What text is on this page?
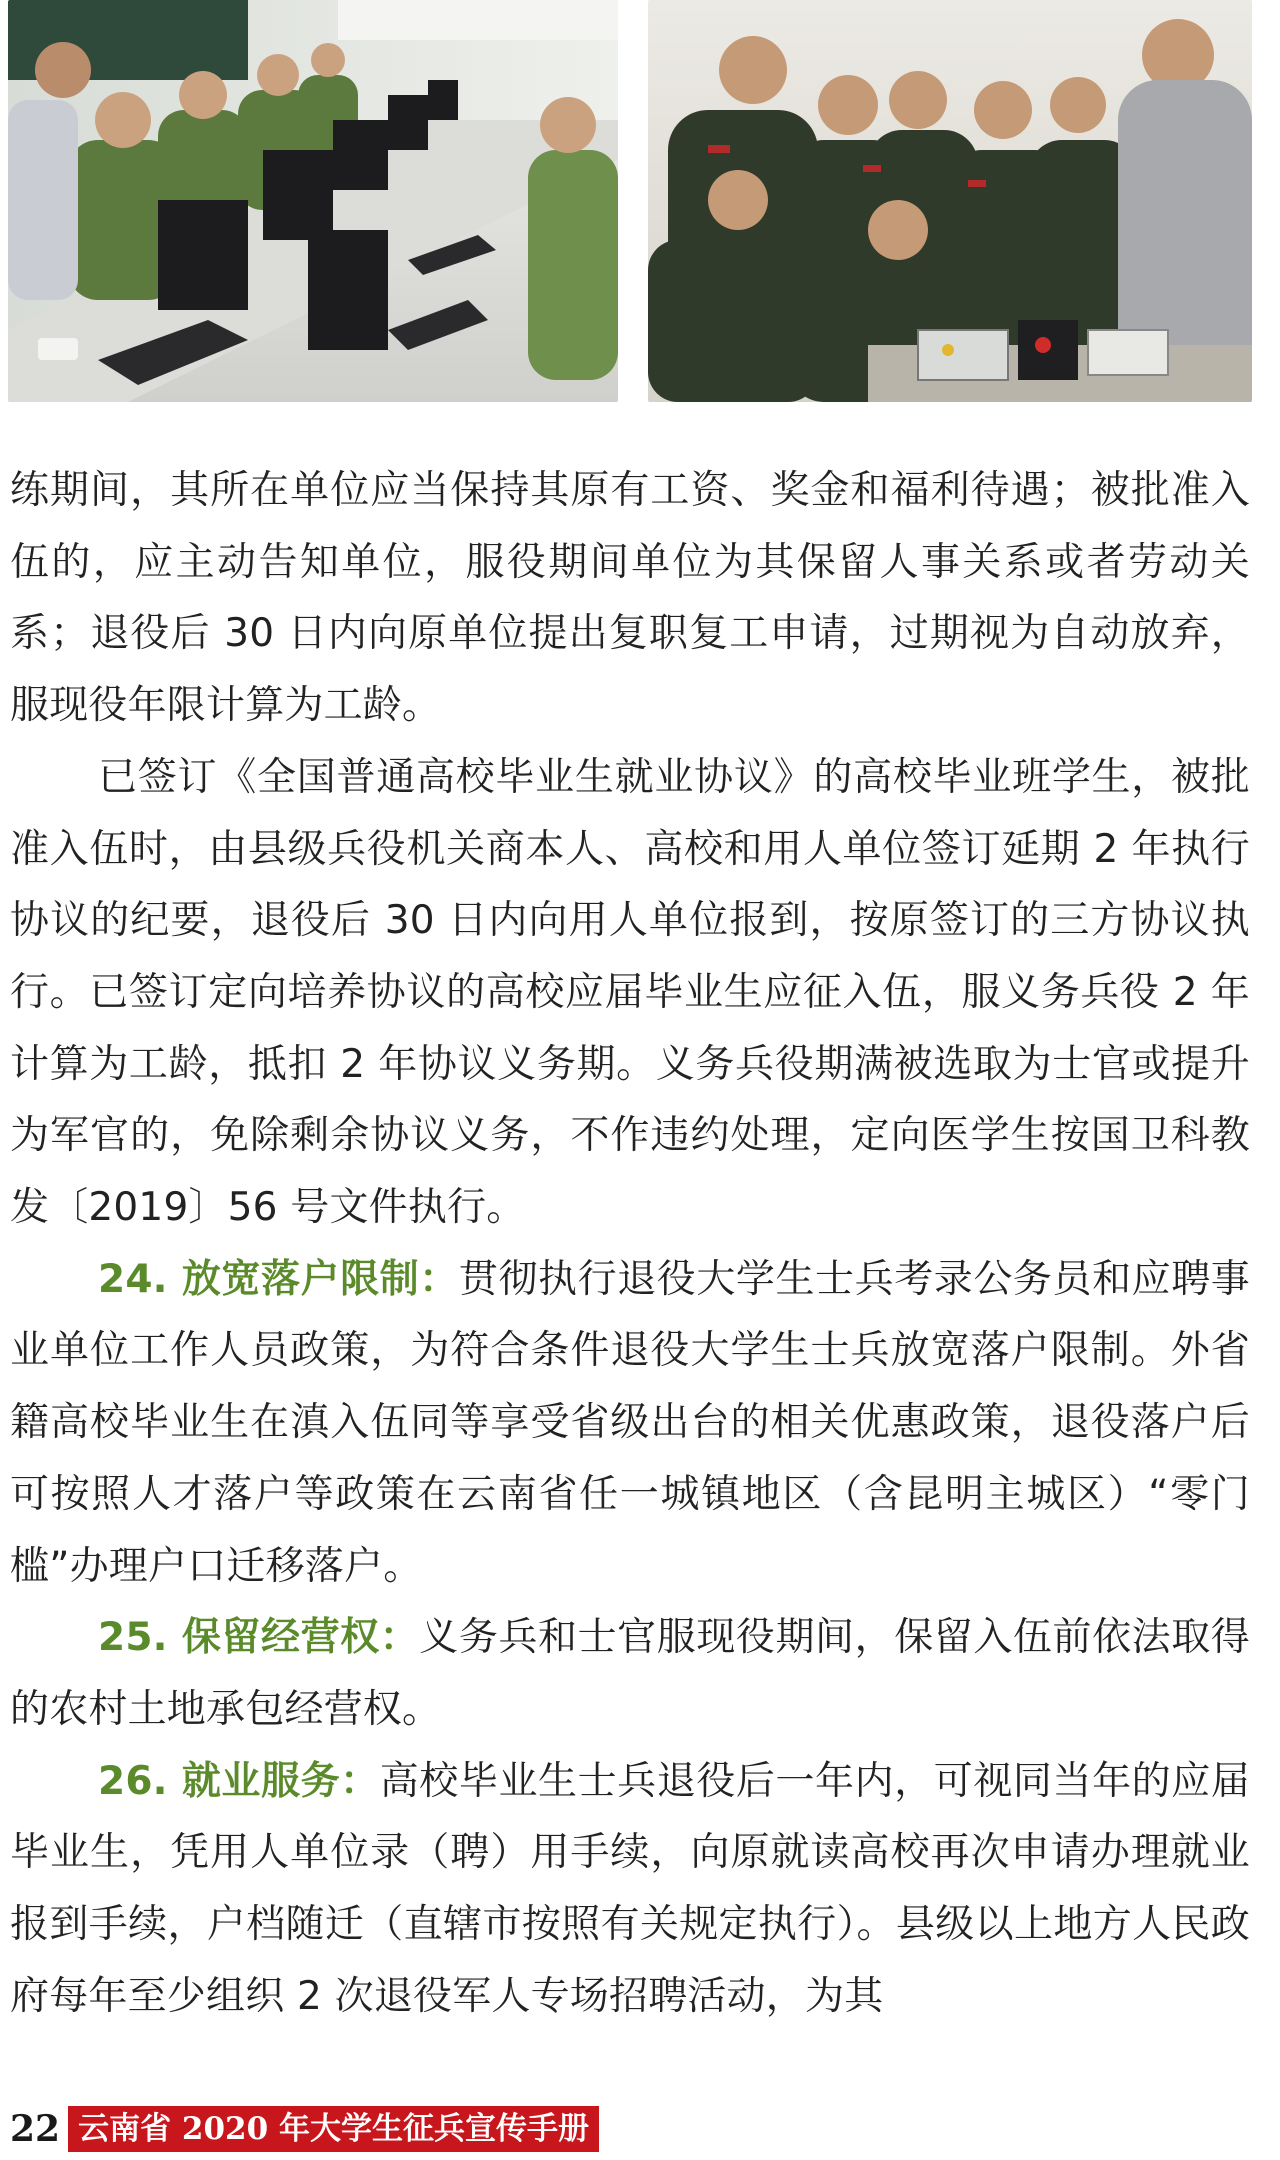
练期间，其所在单位应当保持其原有工资、奖金和福利待遇；被批准入伍的，应主动告知单位，服役期间单位为其保留人事关系或者劳动关系；退役后 30 日内向原单位提出复职复工申请，过期视为自动放弃，服现役年限计算为工龄。

已签订《全国普通高校毕业生就业协议》的高校毕业班学生，被批准入伍时，由县级兵役机关商本人、高校和用人单位签订延期 2 年执行协议的纪要，退役后 30 日内向用人单位报到，按原签订的三方协议执行。已签订定向培养协议的高校应届毕业生应征入伍，服义务兵役 2 年计算为工龄，抵扣 2 年协议义务期。义务兵役期满被选取为士官或提升为军官的，免除剩余协议义务，不作违约处理，定向医学生按国卫科教发〔2019〕56 号文件执行。

24. 放宽落户限制：贯彻执行退役大学生士兵考录公务员和应聘事业单位工作人员政策，为符合条件退役大学生士兵放宽落户限制。外省籍高校毕业生在滇入伍同等享受省级出台的相关优惠政策，退役落户后可按照人才落户等政策在云南省任一城镇地区（含昆明主城区）“零门槛”办理户口迁移落户。

25. 保留经营权：义务兵和士官服现役期间，保留入伍前依法取得的农村土地承包经营权。

26. 就业服务：高校毕业生士兵退役后一年内，可视同当年的应届毕业生，凭用人单位录（聘）用手续，向原就读高校再次申请办理就业报到手续，户档随迁（直辖市按照有关规定执行）。县级以上地方人民政府每年至少组织 2 次退役军人专场招聘活动，为其

22 云南省 2020 年大学生征兵宣传手册
